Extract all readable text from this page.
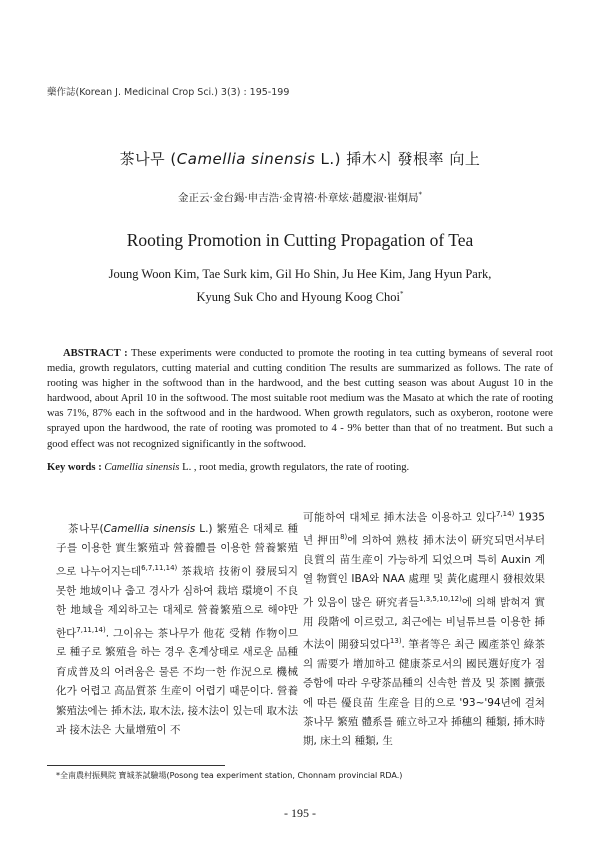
藥作誌(Korean J. Medicinal Crop Sci.) 3(3) : 195-199
茶나무 (Camellia sinensis L.) 揷木시 發根率 向上
金正云·金台錫·申吉浩·金冑禧·朴章炫·趙慶淑·崔炯局*
Rooting Promotion in Cutting Propagation of Tea
Joung Woon Kim, Tae Surk kim, Gil Ho Shin, Ju Hee Kim, Jang Hyun Park,
Kyung Suk Cho and Hyoung Koog Choi*
ABSTRACT : These experiments were conducted to promote the rooting in tea cutting bymeans of several root media, growth regulators, cutting material and cutting condition The results are summarized as follows. The rate of rooting was higher in the softwood than in the hardwood, and the best cutting season was about August 10 in the hardwood, about April 10 in the softwood. The most suitable root medium was the Masato at which the rate of rooting was 71%, 87% each in the softwood and in the hardwood. When growth regulators, such as oxyberon, rootone were sprayed upon the hardwood, the rate of rooting was promoted to 4 - 9% better than that of no treatment. But such a good effect was not recognized significantly in the softwood.
Key words : Camellia sinensis L. , root media, growth regulators, the rate of rooting.
茶나무(Camellia sinensis L.) 繁殖은 대체로 種子를 이용한 實生繁殖과 營養體를 이용한 營養繁殖으로 나누어지는데$^{6,7,11,14)}$ 茶栽培 技術이 發展되지못한 地域이나 춥고 경사가 심하여 栽培 環境이 不良한 地域을 제외하고는 대체로 營養繁殖으로 해야만 한다$^{7,11,14)}$. 그이유는 茶나무가 他花 受精 作物이므로 種子로 繁殖을 하는 경우 혼계상태로 새로운 品種 育成普及의 어려움은 물론 不均一한 作況으로 機械化가 어렵고 高品質茶 生産이 어렵기 때문이다. 營養 繁殖法에는 揷木法, 取木法, 接木法이 있는데 取木法과 接木法은 大量增殖이 不
可能하여 대체로 揷木法을 이용하고 있다$^{7,14)}$ 1935년 押田$^{8)}$에 의하여 熟枝 揷木法이 硏究되면서부터 良質의 苗生産이 가능하게 되었으며 특히 Auxin 계열 物質인 IBA와 NAA 處理 및 黃化處理시 發根效果가 있음이 많은 硏究者들$^{1,3,5,10,12)}$에 의해 밝혀져 實用 段階에 이르렀고, 최근에는 비닐튜브를 이용한 揷木法이 開發되었다$^{13)}$. 筆者等은 최근 國產茶인 綠茶의 需要가 增加하고 健康茶로서의 國民選好度가 점증함에 따라 우량茶品種의 신속한 普及 및 茶園 擴張에 따른 優良苗 生産을 目的으로 '93~'94년에 걸쳐 茶나무 繁殖 體系를 確立하고자 揷穗의 種類, 揷木時期, 床土의 種類, 生
*全南農村振興院 寶城茶試驗場(Posong tea experiment station, Chonnam provincial RDA.)
- 195 -
